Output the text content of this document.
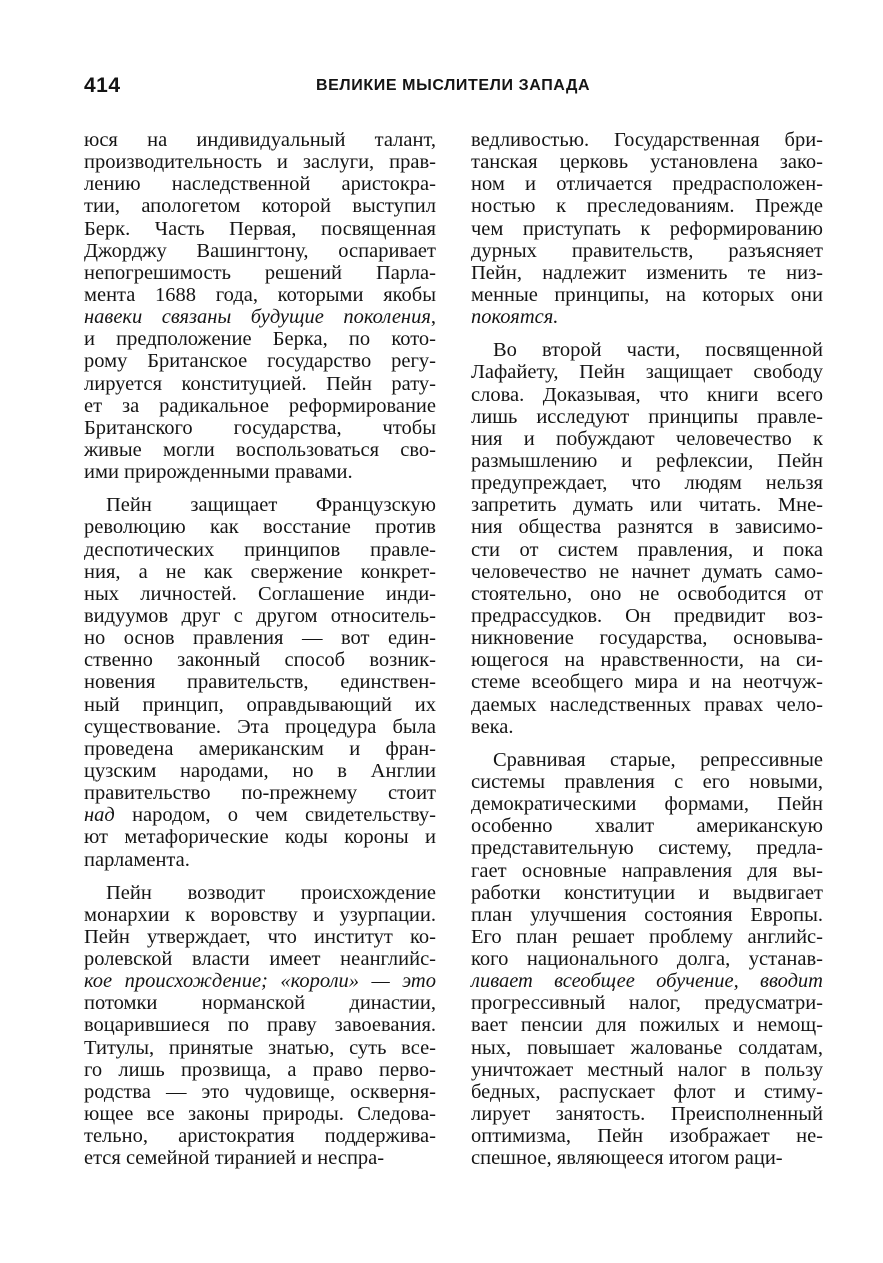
414	ВЕЛИКИЕ МЫСЛИТЕЛИ ЗАПАДА
юся на индивидуальный талант,
производительность и заслуги, прав-
лению наследственной аристокра-
тии, апологетом которой выступил
Берк. Часть Первая, посвященная
Джорджу Вашингтону, оспаривает
непогрешимость решений Парла-
мента 1688 года, которыми якобы
навеки связаны будущие поколения,
и предположение Берка, по кото-
рому Британское государство регу-
лируется конституцией. Пейн рату-
ет за радикальное реформирование
Британского государства, чтобы
живые могли воспользоваться сво-
ими прирожденными правами.
Пейн защищает Французскую
революцию как восстание против
деспотических принципов правле-
ния, а не как свержение конкрет-
ных личностей. Соглашение инди-
видуумов друг с другом относитель-
но основ правления — вот един-
ственно законный способ возник-
новения правительств, единствен-
ный принцип, оправдывающий их
существование. Эта процедура была
проведена американским и фран-
цузским народами, но в Англии
правительство по-прежнему стоит
над народом, о чем свидетельству-
ют метафорические коды короны и
парламента.
Пейн возводит происхождение
монархии к воровству и узурпации.
Пейн утверждает, что институт ко-
ролевской власти имеет неанглийс-
кое происхождение; «короли» — это
потомки норманской династии,
воцарившиеся по праву завоевания.
Титулы, принятые знатью, суть все-
го лишь прозвища, а право перво-
родства — это чудовище, оскверня-
ющее все законы природы. Следова-
тельно, аристократия поддержива-
ется семейной тиранией и неспра-
ведливостью. Государственная бри-
танская церковь установлена зако-
ном и отличается предрасположен-
ностью к преследованиям. Прежде
чем приступать к реформированию
дурных правительств, разъясняет
Пейн, надлежит изменить те низ-
менные принципы, на которых они
покоятся.
Во второй части, посвященной
Лафайету, Пейн защищает свободу
слова. Доказывая, что книги всего
лишь исследуют принципы правле-
ния и побуждают человечество к
размышлению и рефлексии, Пейн
предупреждает, что людям нельзя
запретить думать или читать. Мне-
ния общества разнятся в зависимо-
сти от систем правления, и пока
человечество не начнет думать само-
стоятельно, оно не освободится от
предрассудков. Он предвидит воз-
никновение государства, основыва-
ющегося на нравственности, на си-
стеме всеобщего мира и на неотчуж-
даемых наследственных правах чело-
века.
Сравнивая старые, репрессивные
системы правления с его новыми,
демократическими формами, Пейн
особенно хвалит американскую
представительную систему, предла-
гает основные направления для вы-
работки конституции и выдвигает
план улучшения состояния Европы.
Его план решает проблему английс-
кого национального долга, устанав-
ливает всеобщее обучение, вводит
прогрессивный налог, предусматри-
вает пенсии для пожилых и немощ-
ных, повышает жалованье солдатам,
уничтожает местный налог в пользу
бедных, распускает флот и стиму-
лирует занятость. Преисполненный
оптимизма, Пейн изображает не-
спешное, являющееся итогом раци-
